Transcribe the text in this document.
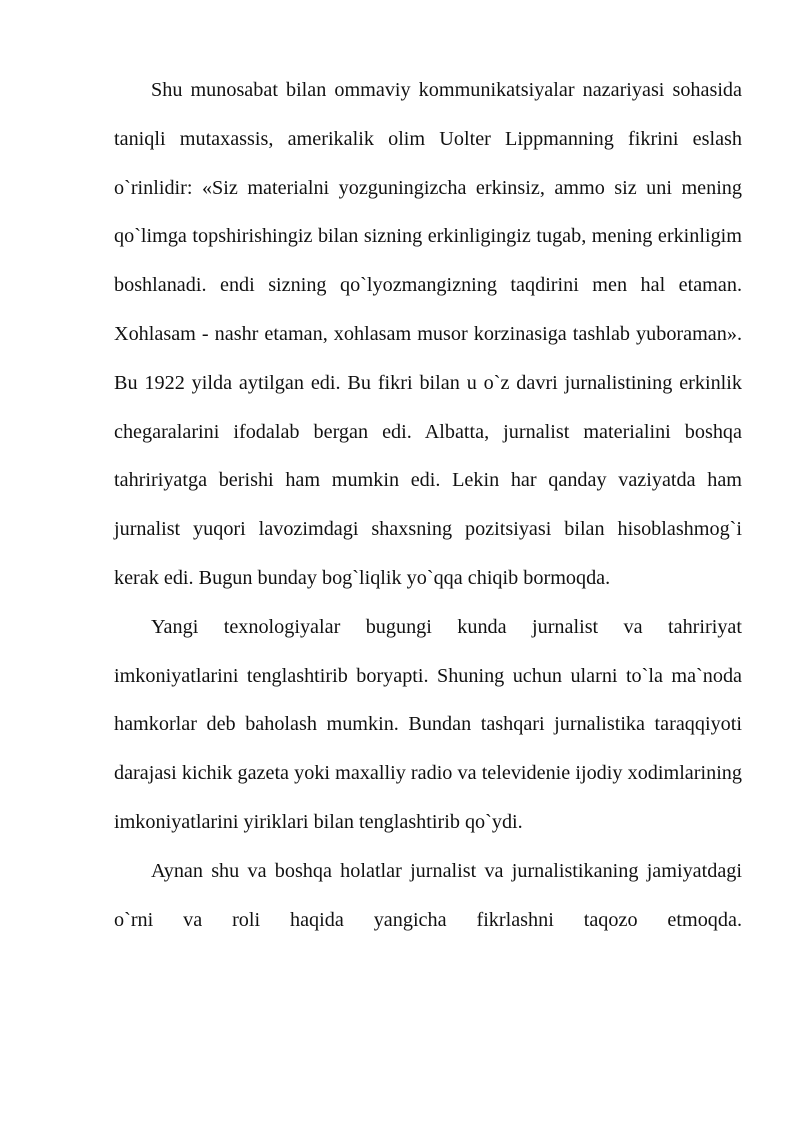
Shu munosabat bilan ommaviy kommunikatsiyalar nazariyasi sohasida taniqli mutaxassis, amerikalik olim Uolter Lippmanning fikrini eslash o`rinlidir: «Siz materialni yozguningizcha erkinsiz, ammo siz uni mening qo`limga topshirishingiz bilan sizning erkinligingiz tugab, mening erkinligim boshlanadi. endi sizning qo`lyozmangizning taqdirini men hal etaman. Xohlasam - nashr etaman, xohlasam musor korzinasiga tashlab yuboraman». Bu 1922 yilda aytilgan edi. Bu fikri bilan u o`z davri jurnalistining erkinlik chegaralarini ifodalab bergan edi. Albatta, jurnalist materialini boshqa tahririyatga berishi ham mumkin edi. Lekin har qanday vaziyatda ham jurnalist yuqori lavozimdagi shaxsning pozitsiyasi bilan hisoblashmog`i kerak edi. Bugun bunday bog`liqlik yo`qqa chiqib bormoqda.

Yangi texnologiyalar bugungi kunda jurnalist va tahririyat imkoniyatlarini tenglashtirib boryapti. Shuning uchun ularni to`la ma`noda hamkorlar deb baholash mumkin. Bundan tashqari jurnalistika taraqqiyoti darajasi kichik gazeta yoki maxalliy radio va televidenie ijodiy xodimlarining imkoniyatlarini yiriklari bilan tenglashtirib qo`ydi.

Aynan shu va boshqa holatlar jurnalist va jurnalistikaning jamiyatdagi o`rni va roli haqida yangicha fikrlashni taqozo etmoqda.
